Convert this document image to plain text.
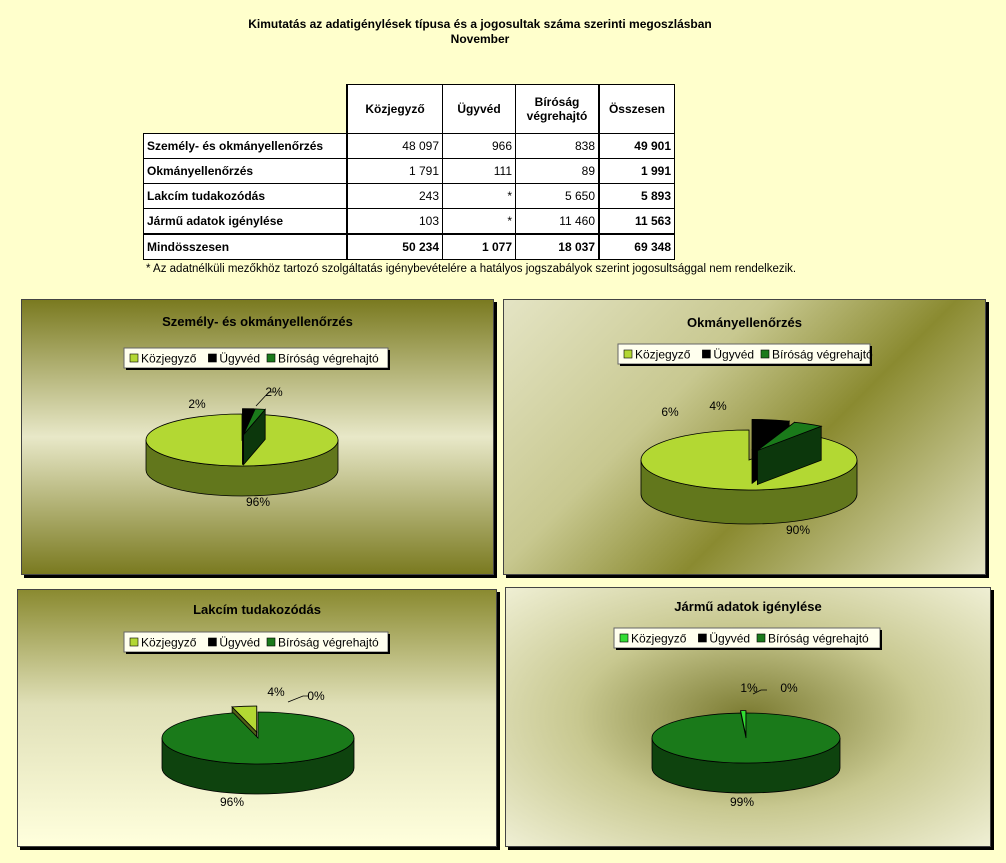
Kimutatás az adatigénylések típusa és a jogosultak száma szerinti megoszlásban
November
	Közjegyző	Ügyvéd	Bíróság végrehajtó	Összesen
Személy- és okmányellenőrzés	48 097	966	838	49 901
Okmányellenőrzés	1 791	111	89	1 991
Lakcím tudakozódás	243	*	5 650	5 893
Jármű adatok igénylése	103	*	11 460	11 563
Mindösszesen	50 234	1 077	18 037	69 348
* Az adatnélküli mezőkhöz tartozó szolgáltatás igénybevételére a hatályos jogszabályok szerint jogosultsággal nem rendelkezik.
Személy- és okmányellenőrzés
Közjegyző Ügyvéd Bíróság végrehajtó
96%
2%
2%
Okmányellenőrzés
Közjegyző Ügyvéd Bíróság végrehajtó
90%
6%	4%
Lakcím tudakozódás
Közjegyző Ügyvéd Bíróság végrehajtó
4% 0%
96%
Jármű adatok igénylése
Közjegyző Ügyvéd Bíróság végrehajtó
1% 0%
99%
